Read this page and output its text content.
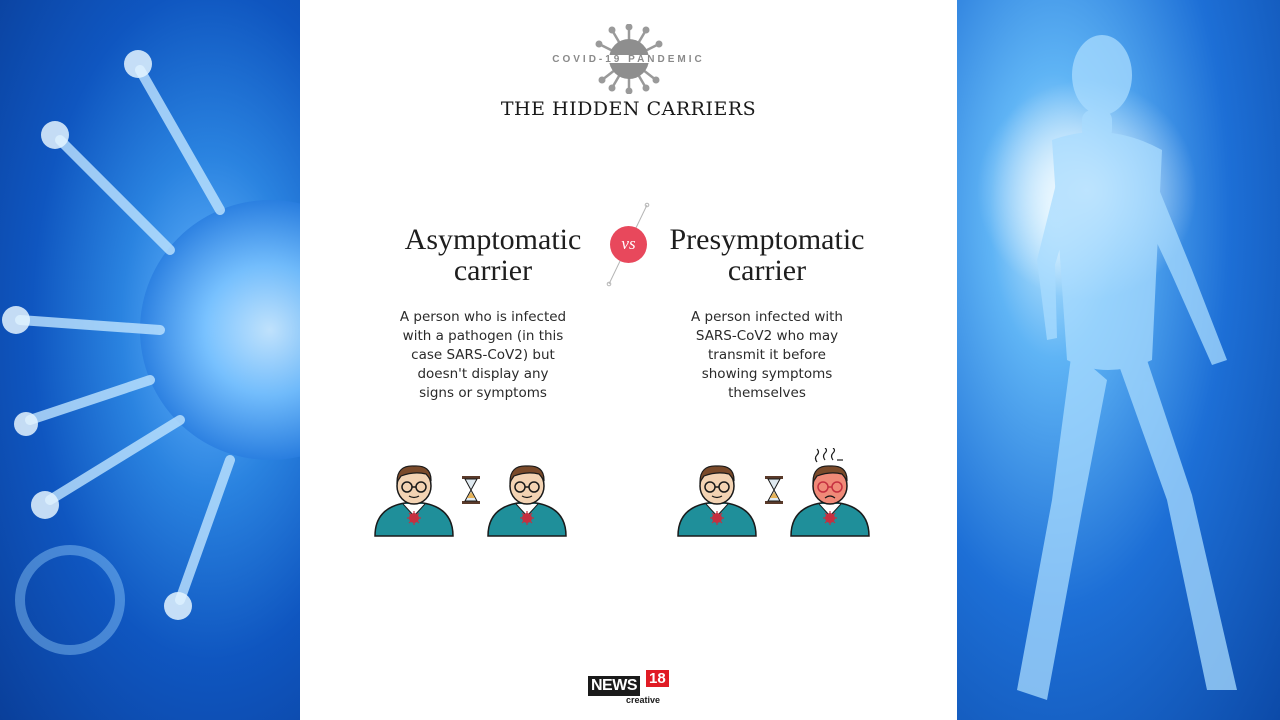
COVID-19 PANDEMIC
THE HIDDEN CARRIERS
vs
Asymptomatic
carrier
A person who is infected with a pathogen (in this case SARS-CoV2) but doesn't display any signs or symptoms
Presymptomatic
carrier
A person infected with SARS-CoV2 who may transmit it before showing symptoms themselves
NEWS 18
creative
